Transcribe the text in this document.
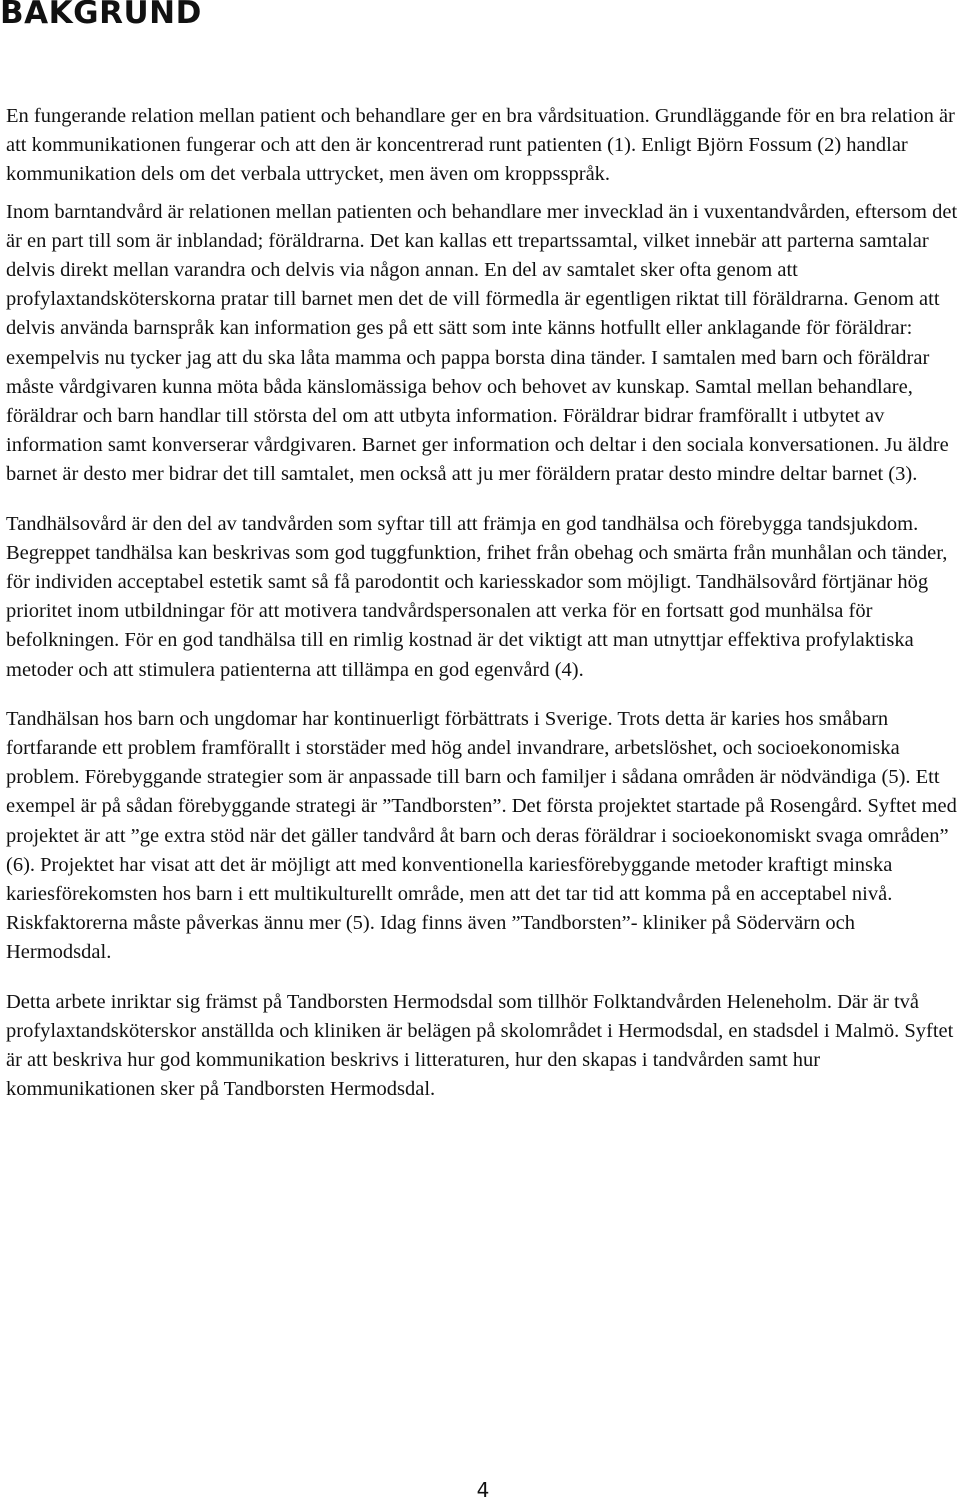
BAKGRUND

En fungerande relation mellan patient och behandlare ger en bra vårdsituation. Grundläggande för en bra relation är att kommunikationen fungerar och att den är koncentrerad runt patienten (1). Enligt Björn Fossum (2) handlar kommunikation dels om det verbala uttrycket, men även om kroppsspråk.

Inom barntandvård är relationen mellan patienten och behandlare mer invecklad än i vuxentandvården, eftersom det är en part till som är inblandad; föräldrarna. Det kan kallas ett trepartssamtal, vilket innebär att parterna samtalar delvis direkt mellan varandra och delvis via någon annan. En del av samtalet sker ofta genom att profylaxtandsköterskorna pratar till barnet men det de vill förmedla är egentligen riktat till föräldrarna. Genom att delvis använda barnspråk kan information ges på ett sätt som inte känns hotfullt eller anklagande för föräldrar: exempelvis nu tycker jag att du ska låta mamma och pappa borsta dina tänder. I samtalen med barn och föräldrar måste vårdgivaren kunna möta båda känslomässiga behov och behovet av kunskap. Samtal mellan behandlare, föräldrar och barn handlar till största del om att utbyta information. Föräldrar bidrar framförallt i utbytet av information samt konverserar vårdgivaren. Barnet ger information och deltar i den sociala konversationen. Ju äldre barnet är desto mer bidrar det till samtalet, men också att ju mer föräldern pratar desto mindre deltar barnet (3).

Tandhälsovård är den del av tandvården som syftar till att främja en god tandhälsa och förebygga tandsjukdom. Begreppet tandhälsa kan beskrivas som god tuggfunktion, frihet från obehag och smärta från munhålan och tänder, för individen acceptabel estetik samt så få parodontit och kariesskador som möjligt. Tandhälsovård förtjänar hög prioritet inom utbildningar för att motivera tandvårdspersonalen att verka för en fortsatt god munhälsa för befolkningen. För en god tandhälsa till en rimlig kostnad är det viktigt att man utnyttjar effektiva profylaktiska metoder och att stimulera patienterna att tillämpa en god egenvård (4).

Tandhälsan hos barn och ungdomar har kontinuerligt förbättrats i Sverige. Trots detta är karies hos småbarn fortfarande ett problem framförallt i storstäder med hög andel invandrare, arbetslöshet, och socioekonomiska problem. Förebyggande strategier som är anpassade till barn och familjer i sådana områden är nödvändiga (5). Ett exempel är på sådan förebyggande strategi är ”Tandborsten”. Det första projektet startade på Rosengård. Syftet med projektet är att ”ge extra stöd när det gäller tandvård åt barn och deras föräldrar i socioekonomiskt svaga områden” (6). Projektet har visat att det är möjligt att med konventionella kariesförebyggande metoder kraftigt minska kariesförekomsten hos barn i ett multikulturellt område, men att det tar tid att komma på en acceptabel nivå. Riskfaktorerna måste påverkas ännu mer (5). Idag finns även ”Tandborsten”- kliniker på Södervärn och Hermodsdal.

Detta arbete inriktar sig främst på Tandborsten Hermodsdal som tillhör Folktandvården Heleneholm. Där är två profylaxtandsköterskor anställda och kliniken är belägen på skolområdet i Hermodsdal, en stadsdel i Malmö. Syftet är att beskriva hur god kommunikation beskrivs i litteraturen, hur den skapas i tandvården samt hur kommunikationen sker på Tandborsten Hermodsdal.

4
